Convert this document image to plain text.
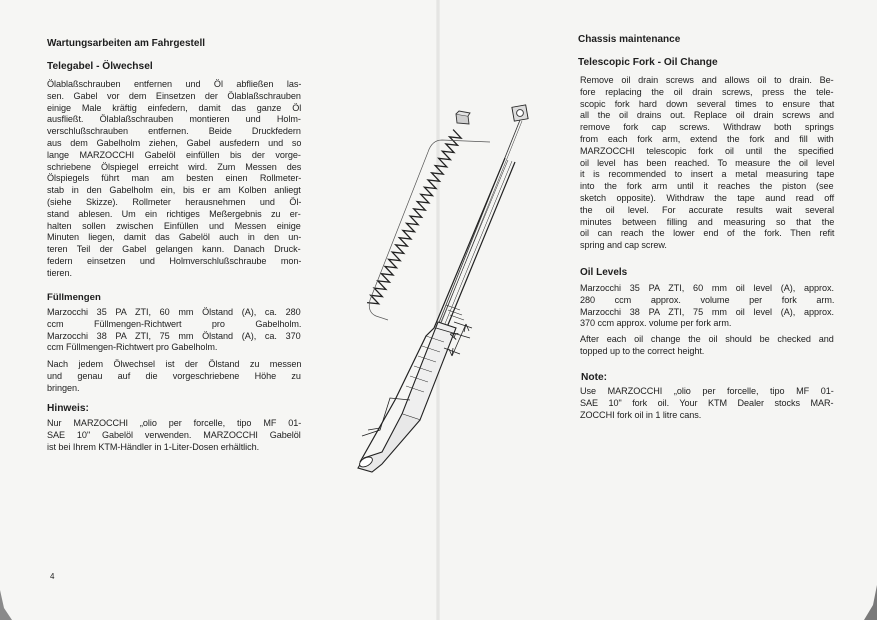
Wartungsarbeiten am Fahrgestell
Telegabel - Ölwechsel
Ölablaßschrauben entfernen und Öl abfließen las-
sen. Gabel vor dem Einsetzen der Ölablaßschrauben
einige Male kräftig einfedern, damit das ganze Öl
ausfließt. Ölablaßschrauben montieren und Holm-
verschlußschrauben entfernen. Beide Druckfedern
aus dem Gabelholm ziehen, Gabel ausfedern und so
lange MARZOCCHI Gabelöl einfüllen bis der vorge-
schriebene Ölspiegel erreicht wird. Zum Messen des
Ölspiegels führt man am besten einen Rollmeter-
stab in den Gabelholm ein, bis er am Kolben anliegt
(siehe Skizze). Rollmeter herausnehmen und Öl-
stand ablesen. Um ein richtiges Meßergebnis zu er-
halten sollen zwischen Einfüllen und Messen einige
Minuten liegen, damit das Gabelöl auch in den un-
teren Teil der Gabel gelangen kann. Danach Druck-
federn einsetzen und Holmverschlußschraube mon-
tieren.
Füllmengen
Marzocchi 35 PA ZTI, 60 mm Ölstand (A), ca. 280
ccm Füllmengen-Richtwert pro Gabelholm.
Marzocchi 38 PA ZTI, 75 mm Ölstand (A), ca. 370
ccm Füllmengen-Richtwert pro Gabelholm.
Nach jedem Ölwechsel ist der Ölstand zu messen
und genau auf die vorgeschriebene Höhe zu
bringen.
Hinweis:
Nur MARZOCCHI „olio per forcelle, tipo MF 01-
SAE 10" Gabelöl verwenden. MARZOCCHI Gabelöl
ist bei Ihrem KTM-Händler in 1-Liter-Dosen erhältlich.
4
A
Chassis maintenance
Telescopic Fork - Oil Change
Remove oil drain screws and allows oil to drain. Be-
fore replacing the oil drain screws, press the tele-
scopic fork hard down several times to ensure that
all the oil drains out. Replace oil drain screws and
remove fork cap screws. Withdraw both springs
from each fork arm, extend the fork and fill with
MARZOCCHI telescopic fork oil until the specified
oil level has been reached. To measure the oil level
it is recommended to insert a metal measuring tape
into the fork arm until it reaches the piston (see
sketch opposite). Withdraw the tape aund read off
the oil level. For accurate results wait several
minutes between filling and measuring so that the
oil can reach the lower end of the fork. Then refit
spring and cap screw.
Oil Levels
Marzocchi 35 PA ZTI, 60 mm oil level (A), approx.
280 ccm approx. volume per fork arm.
Marzocchi 38 PA ZTI, 75 mm oil level (A), approx.
370 ccm approx. volume per fork arm.
After each oil change the oil should be checked and
topped up to the correct height.
Note:
Use MARZOCCHI „olio per forcelle, tipo MF 01-
SAE 10" fork oil. Your KTM Dealer stocks MAR-
ZOCCHI fork oil in 1 litre cans.
